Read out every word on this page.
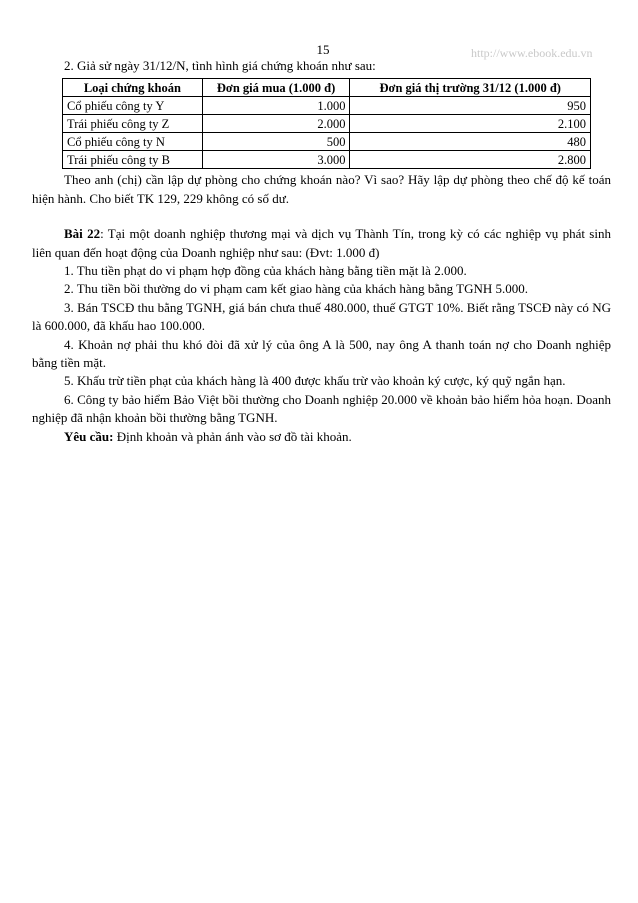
15	http://www.ebook.edu.vn

2. Giả sử ngày 31/12/N, tình hình giá chứng khoán như sau:

Loại chứng khoán	Đơn giá mua (1.000 đ)	Đơn giá thị trường 31/12 (1.000 đ)
Cổ phiếu công ty Y	1.000	950
Trái phiếu công ty Z	2.000	2.100
Cổ phiếu công ty N	500	480
Trái phiếu công ty B	3.000	2.800

Theo anh (chị) cần lập dự phòng cho chứng khoán nào? Vì sao? Hãy lập dự phòng theo chế độ kế toán hiện hành. Cho biết TK 129, 229 không có số dư.

Bài 22: Tại một doanh nghiệp thương mại và dịch vụ Thành Tín, trong kỳ có các nghiệp vụ phát sinh liên quan đến hoạt động của Doanh nghiệp như sau: (Đvt: 1.000 đ)

1. Thu tiền phạt do vi phạm hợp đồng của khách hàng bằng tiền mặt là 2.000.

2. Thu tiền bồi thường do vi phạm cam kết giao hàng của khách hàng bằng TGNH 5.000.

3. Bán TSCĐ thu bằng TGNH, giá bán chưa thuế 480.000, thuế GTGT 10%. Biết rằng TSCĐ này có NG là 600.000, đã khấu hao 100.000.

4. Khoản nợ phải thu khó đòi đã xử lý của ông A là 500, nay ông A thanh toán nợ cho Doanh nghiệp bằng tiền mặt.

5. Khấu trừ tiền phạt của khách hàng là 400 được khấu trừ vào khoản ký cược, ký quỹ ngắn hạn.

6. Công ty bảo hiểm Bảo Việt bồi thường cho Doanh nghiệp 20.000 về khoản bảo hiểm hỏa hoạn. Doanh nghiệp đã nhận khoản bồi thường bằng TGNH.

Yêu cầu: Định khoản và phản ánh vào sơ đồ tài khoản.
